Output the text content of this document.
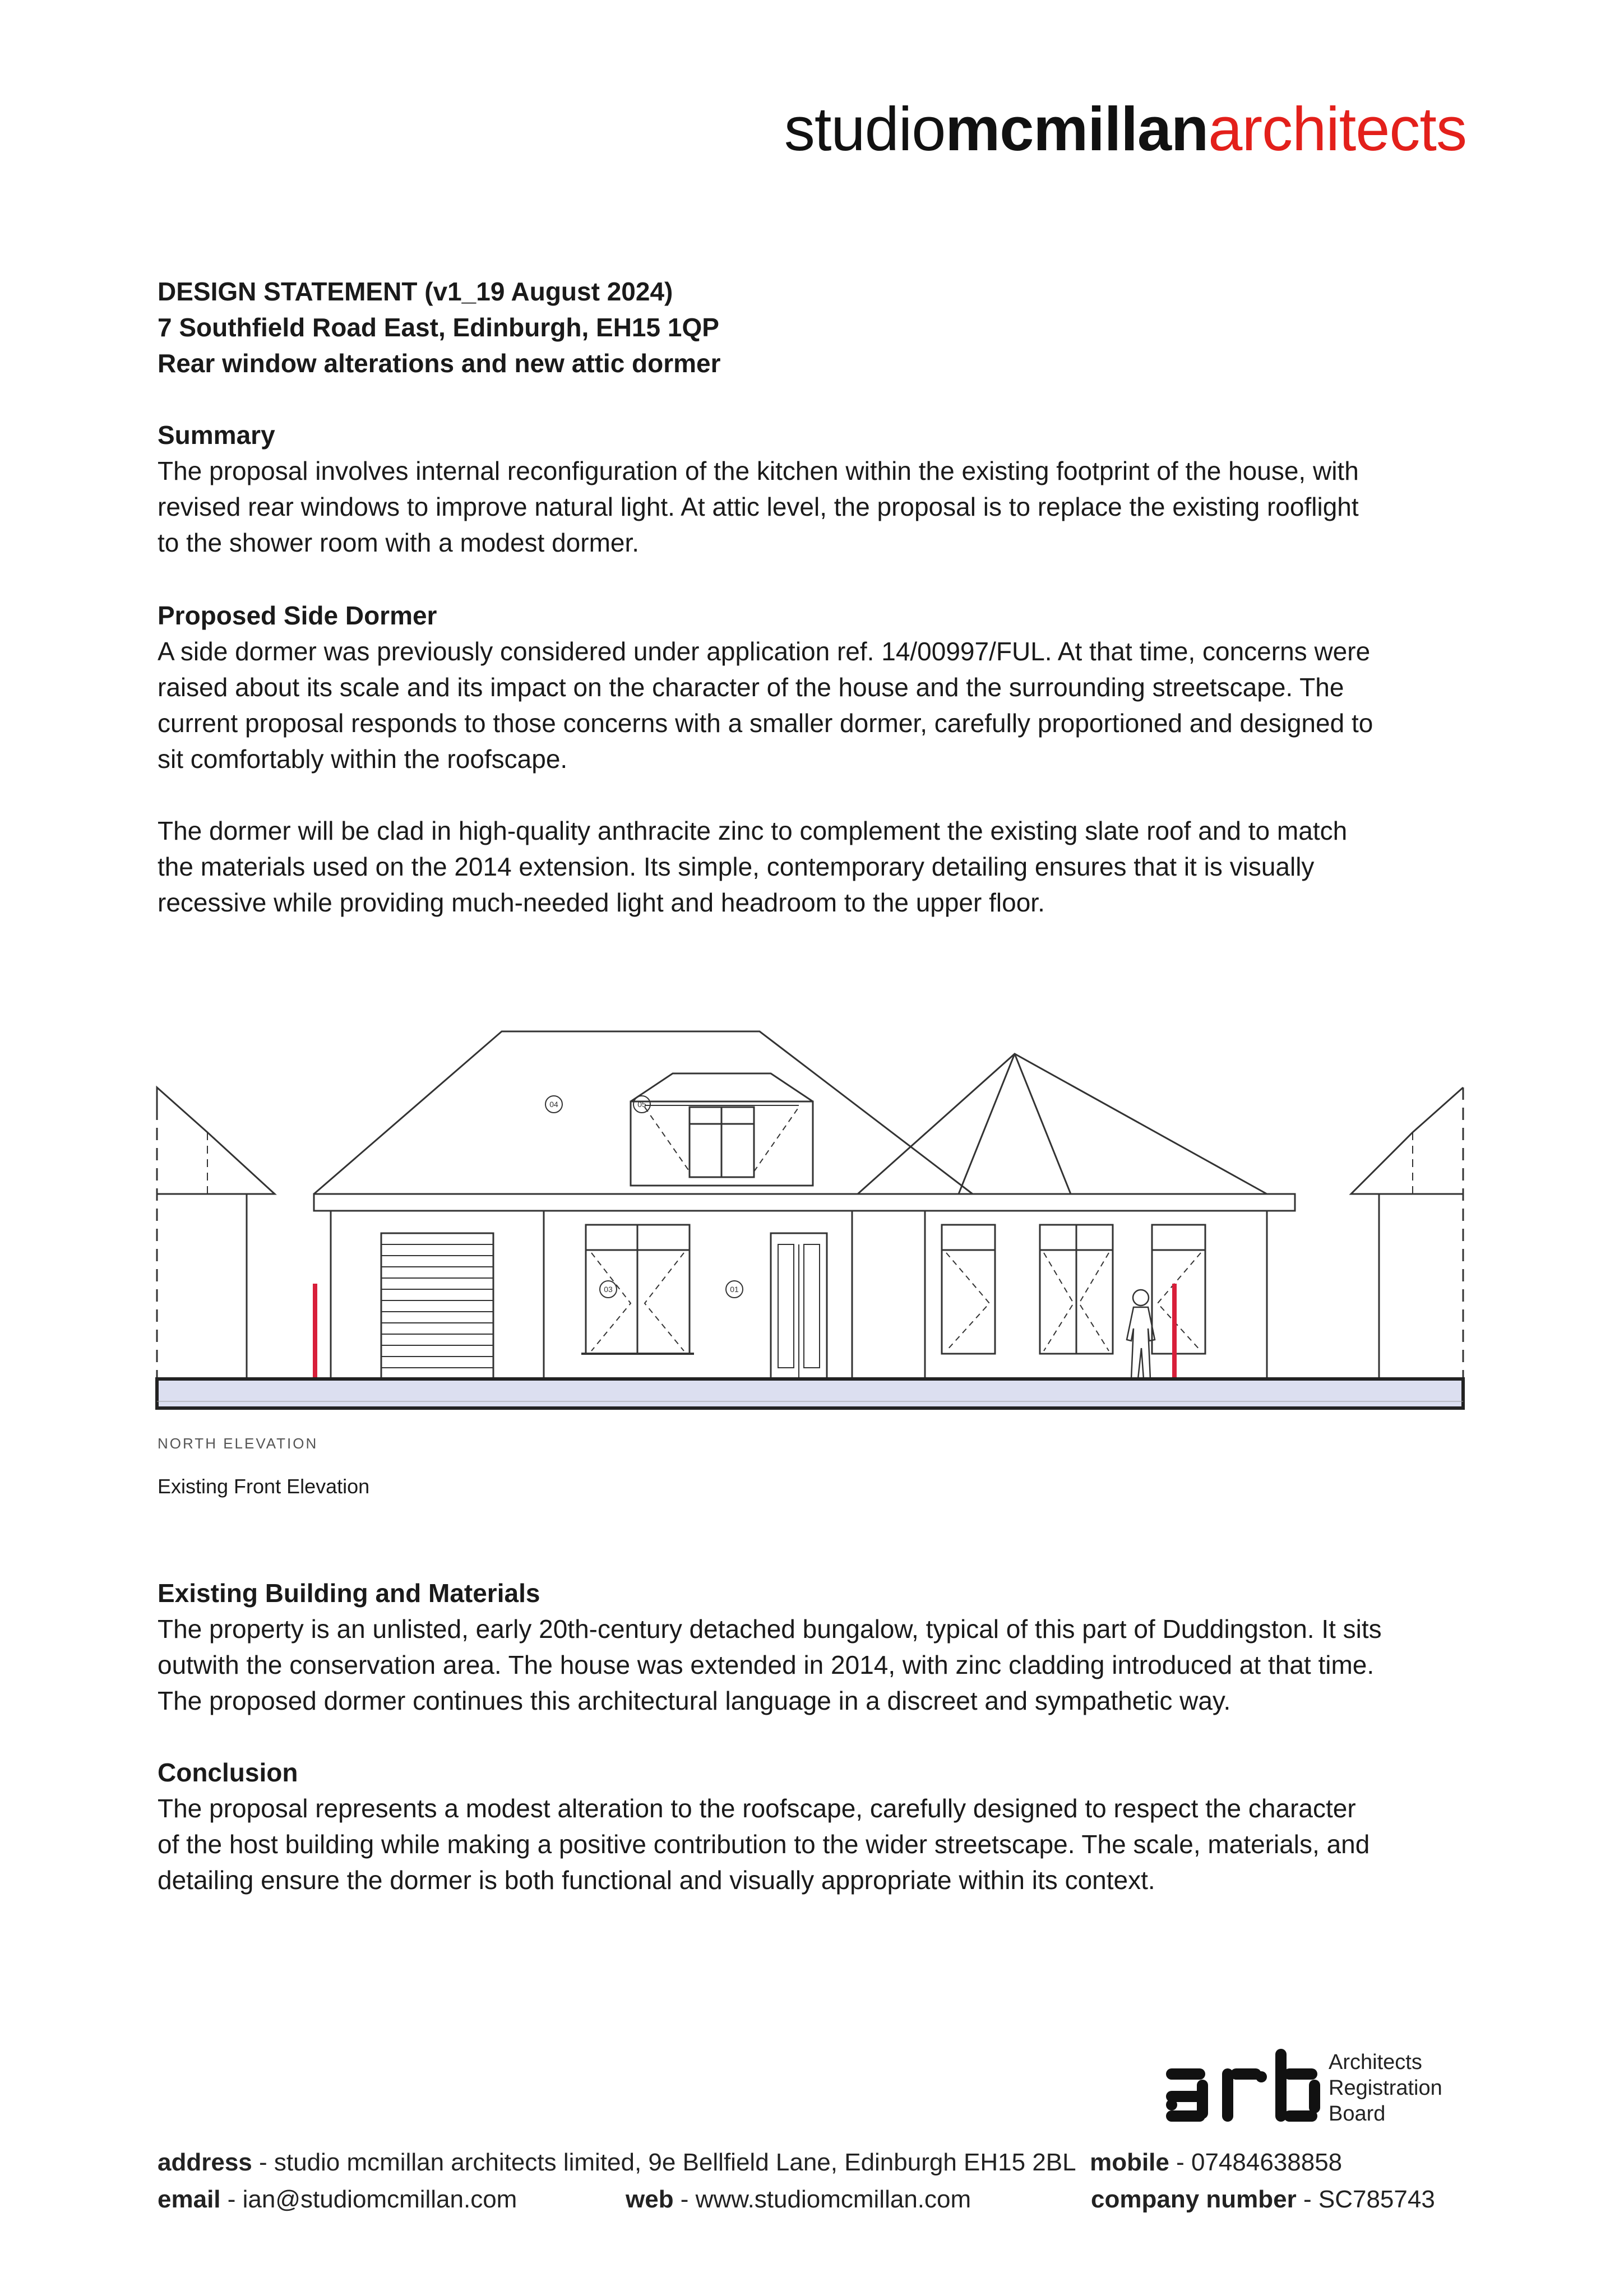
studiomcmillanarchitects

DESIGN STATEMENT (v1_19 August 2024)

7 Southfield Road East, Edinburgh, EH15 1QP

Rear window alterations and new attic dormer

Summary

The proposal involves internal reconfiguration of the kitchen within the existing footprint of the house, with

revised rear windows to improve natural light. At attic level, the proposal is to replace the existing rooflight

to the shower room with a modest dormer.

Proposed Side Dormer

A side dormer was previously considered under application ref. 14/00997/FUL. At that time, concerns were

raised about its scale and its impact on the character of the house and the surrounding streetscape. The

current proposal responds to those concerns with a smaller dormer, carefully proportioned and designed to

sit comfortably within the roofscape.

The dormer will be clad in high-quality anthracite zinc to complement the existing slate roof and to match

the materials used on the 2014 extension. Its simple, contemporary detailing ensures that it is visually

recessive while providing much-needed light and headroom to the upper floor.

04	05
03	01
NORTH ELEVATION
Existing Front Elevation

Existing Building and Materials

The property is an unlisted, early 20th-century detached bungalow, typical of this part of Duddingston. It sits

outwith the conservation area. The house was extended in 2014, with zinc cladding introduced at that time.

The proposed dormer continues this architectural language in a discreet and sympathetic way.

Conclusion

The proposal represents a modest alteration to the roofscape, carefully designed to respect the character

of the host building while making a positive contribution to the wider streetscape. The scale, materials, and

detailing ensure the dormer is both functional and visually appropriate within its context.

Architects
Registration
Board
address - studio mcmillan architects limited, 9e Bellfield Lane, Edinburgh EH15 2BL mobile - 07484638858
email - ian@studiomcmillan.com	web - www.studiomcmillan.com	company number - SC785743
